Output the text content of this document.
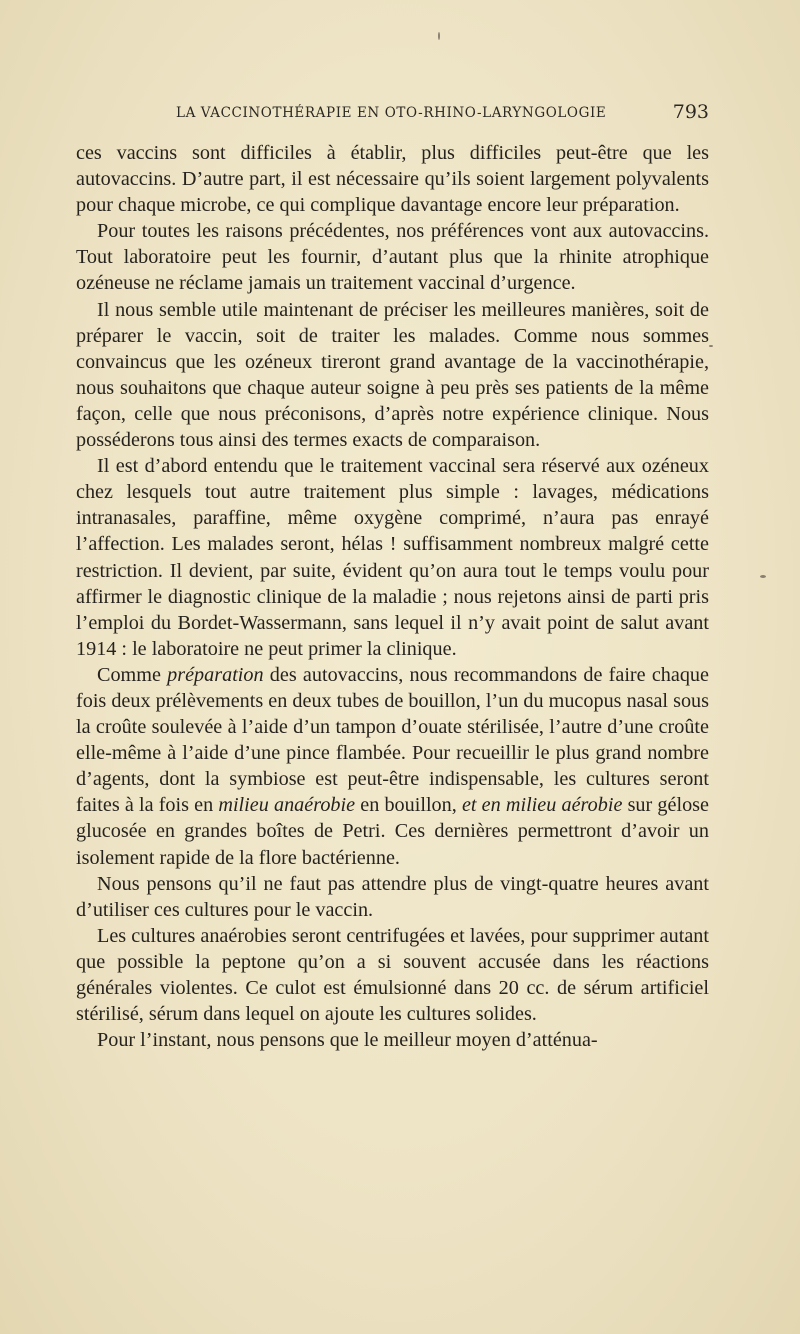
LA VACCINOTHÉRAPIE EN OTO-RHINO-LARYNGOLOGIE	793

ces vaccins sont difficiles à établir, plus difficiles peut-être que les autovaccins. D’autre part, il est nécessaire qu’ils soient largement polyvalents pour chaque microbe, ce qui complique davantage encore leur préparation.

Pour toutes les raisons précédentes, nos préférences vont aux autovaccins. Tout laboratoire peut les fournir, d’autant plus que la rhinite atrophique ozéneuse ne réclame jamais un traitement vaccinal d’urgence.

Il nous semble utile maintenant de préciser les meilleures manières, soit de préparer le vaccin, soit de traiter les malades. Comme nous sommes convaincus que les ozéneux tireront grand avantage de la vaccinothérapie, nous souhaitons que chaque auteur soigne à peu près ses patients de la même façon, celle que nous préconisons, d’après notre expérience clinique. Nous posséderons tous ainsi des termes exacts de comparaison.

Il est d’abord entendu que le traitement vaccinal sera réservé aux ozéneux chez lesquels tout autre traitement plus simple : lavages, médications intranasales, paraffine, même oxygène comprimé, n’aura pas enrayé l’affection. Les malades seront, hélas ! suffisamment nombreux malgré cette restriction. Il devient, par suite, évident qu’on aura tout le temps voulu pour affirmer le diagnostic clinique de la maladie ; nous rejetons ainsi de parti pris l’emploi du Bordet-Wassermann, sans lequel il n’y avait point de salut avant 1914 : le laboratoire ne peut primer la clinique.

Comme préparation des autovaccins, nous recommandons de faire chaque fois deux prélèvements en deux tubes de bouillon, l’un du mucopus nasal sous la croûte soulevée à l’aide d’un tampon d’ouate stérilisée, l’autre d’une croûte elle-même à l’aide d’une pince flambée. Pour recueillir le plus grand nombre d’agents, dont la symbiose est peut-être indispensable, les cultures seront faites à la fois en milieu anaérobie en bouillon, et en milieu aérobie sur gélose glucosée en grandes boîtes de Petri. Ces dernières permettront d’avoir un isolement rapide de la flore bactérienne.

Nous pensons qu’il ne faut pas attendre plus de vingt-quatre heures avant d’utiliser ces cultures pour le vaccin.

Les cultures anaérobies seront centrifugées et lavées, pour supprimer autant que possible la peptone qu’on a si souvent accusée dans les réactions générales violentes. Ce culot est émulsionné dans 20 cc. de sérum artificiel stérilisé, sérum dans lequel on ajoute les cultures solides.

Pour l’instant, nous pensons que le meilleur moyen d’atténua-
